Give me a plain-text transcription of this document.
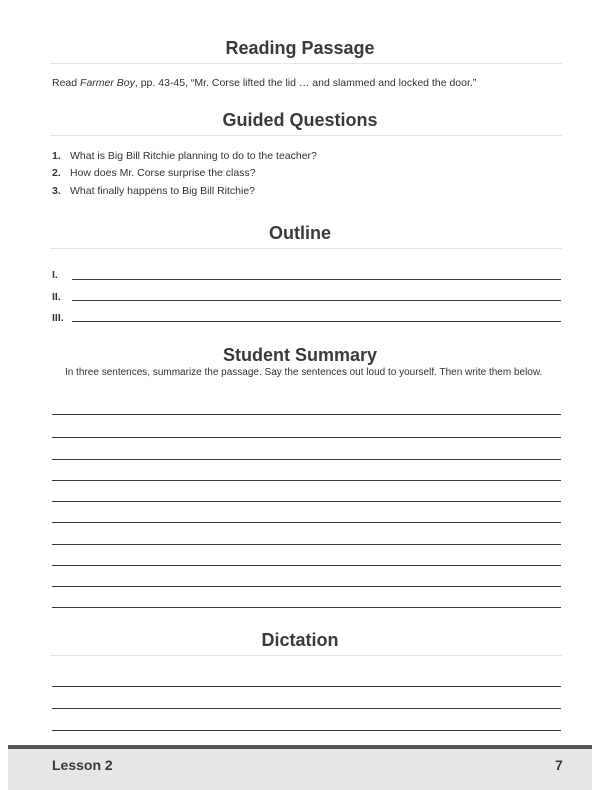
Reading Passage
Read Farmer Boy, pp. 43-45, “Mr. Corse lifted the lid … and slammed and locked the door.”
Guided Questions
1. What is Big Bill Ritchie planning to do to the teacher?
2. How does Mr. Corse surprise the class?
3. What finally happens to Big Bill Ritchie?
Outline
I.
II.
III.
Student Summary
In three sentences, summarize the passage. Say the sentences out loud to yourself. Then write them below.
Dictation
Lesson 2	7
